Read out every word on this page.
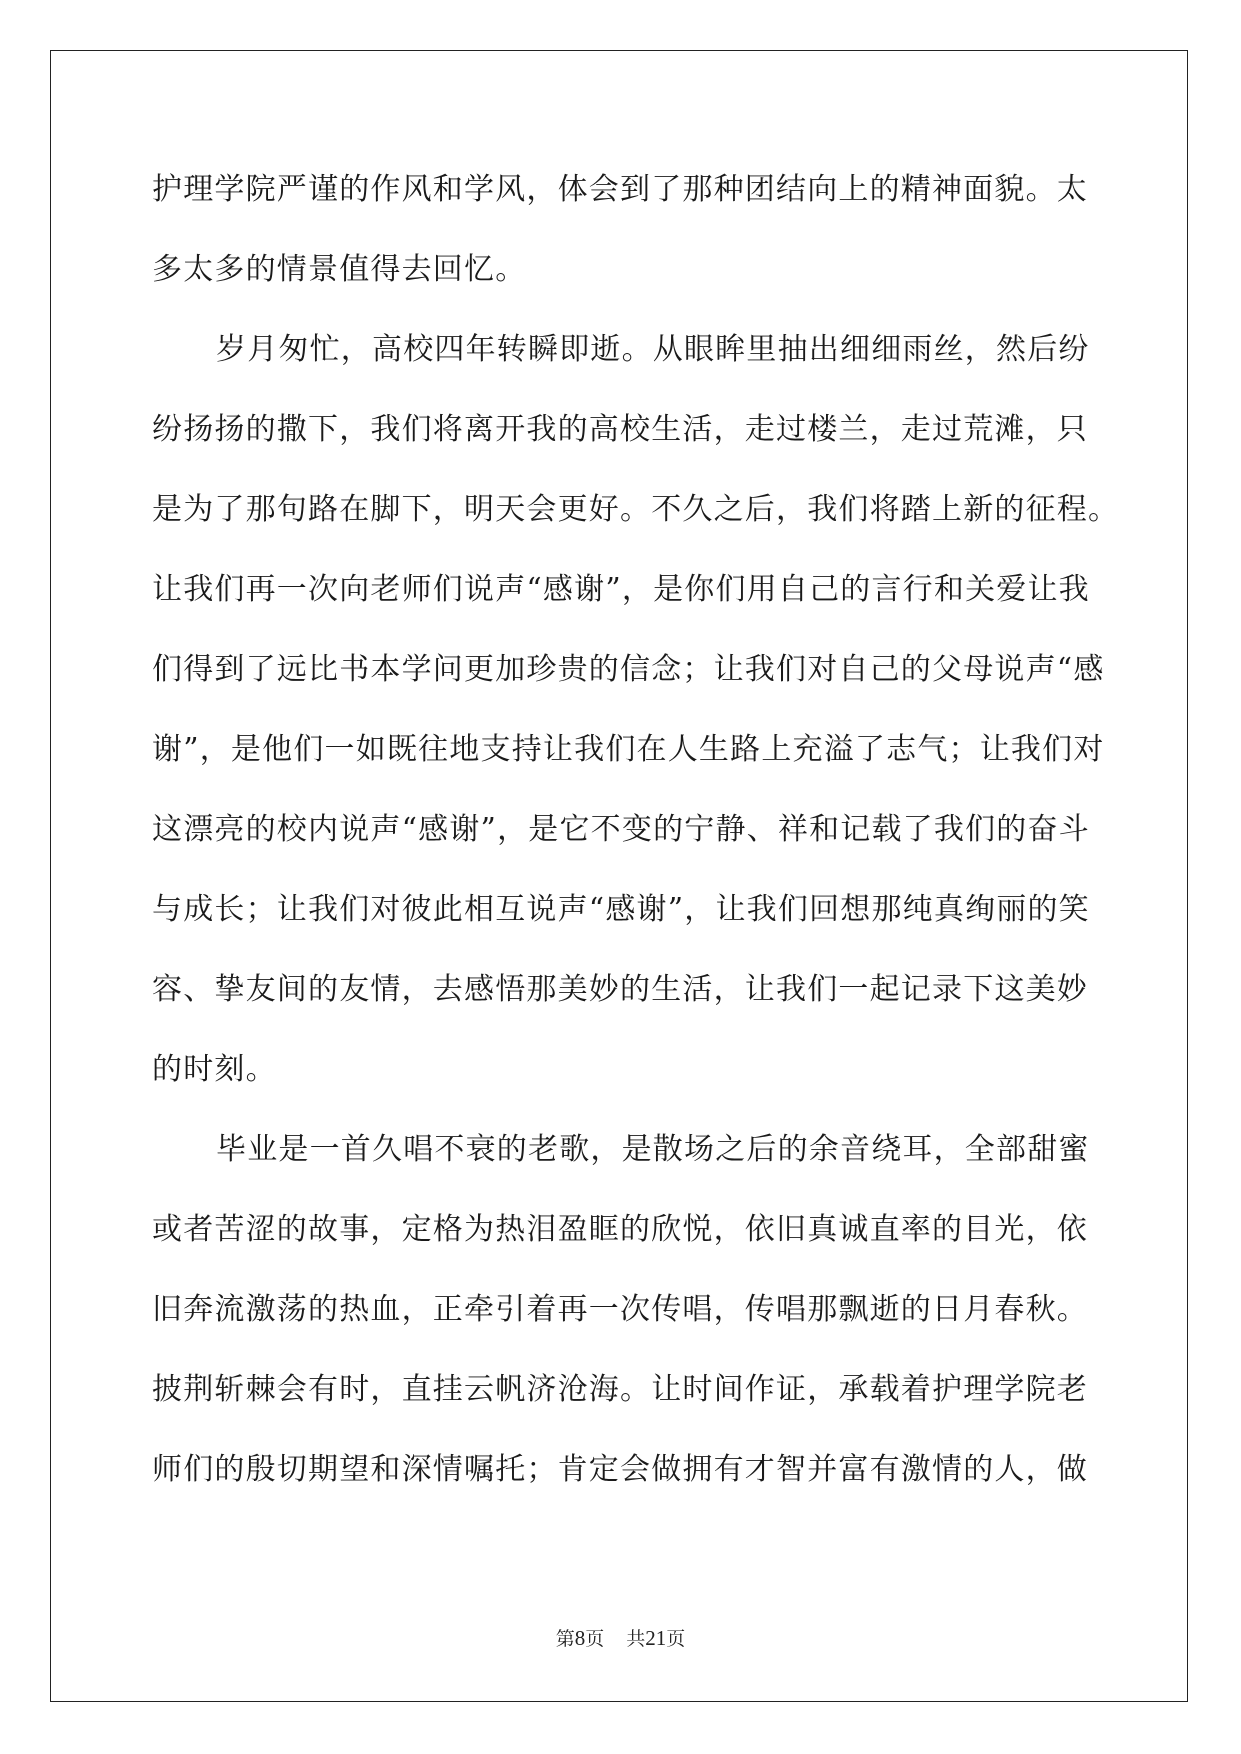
护理学院严谨的作风和学风，体会到了那种团结向上的精神面貌。太
多太多的情景值得去回忆。
岁月匆忙，高校四年转瞬即逝。从眼眸里抽出细细雨丝，然后纷
纷扬扬的撒下，我们将离开我的高校生活，走过楼兰，走过荒滩，只
是为了那句路在脚下，明天会更好。不久之后，我们将踏上新的征程。
让我们再一次向老师们说声“感谢”，是你们用自己的言行和关爱让我
们得到了远比书本学问更加珍贵的信念；让我们对自己的父母说声“感
谢”，是他们一如既往地支持让我们在人生路上充溢了志气；让我们对
这漂亮的校内说声“感谢”，是它不变的宁静、祥和记载了我们的奋斗
与成长；让我们对彼此相互说声“感谢”，让我们回想那纯真绚丽的笑
容、挚友间的友情，去感悟那美妙的生活，让我们一起记录下这美妙
的时刻。
毕业是一首久唱不衰的老歌，是散场之后的余音绕耳，全部甜蜜
或者苦涩的故事，定格为热泪盈眶的欣悦，依旧真诚直率的目光，依
旧奔流激荡的热血，正牵引着再一次传唱，传唱那飘逝的日月春秋。
披荆斩棘会有时，直挂云帆济沧海。让时间作证，承载着护理学院老
师们的殷切期望和深情嘱托；肯定会做拥有才智并富有激情的人，做
第8页 共21页
